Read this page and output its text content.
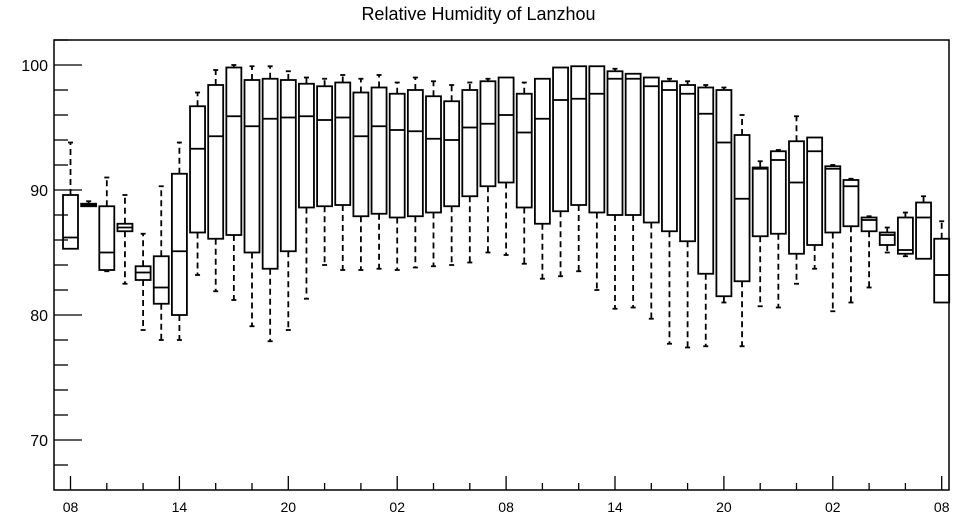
Relative Humidity of Lanzhou
70
80
90
100
08	14	20	02	08	14	20	02	08
